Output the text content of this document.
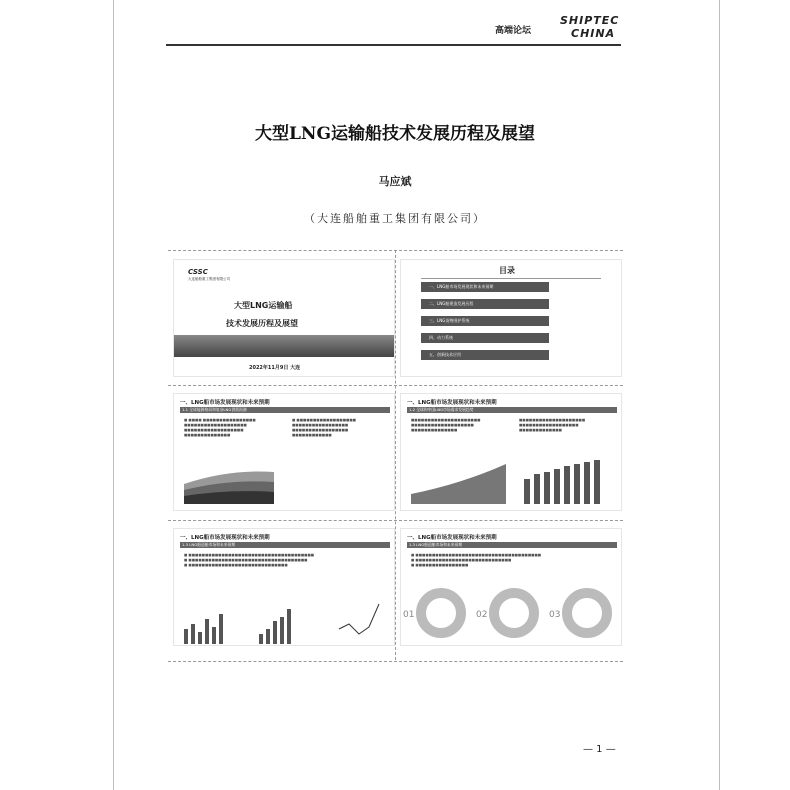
高端论坛
SHIPTEC
CHINA
大型LNG运输船技术发展历程及展望
马应斌
（大连船舶重工集团有限公司）
CSSC
大连船舶重工集团有限公司
大型LNG运输船
技术发展历程及展望
2022年11月9日 大连
目录
一、LNG船市场发展现状和未来预期
二、LNG船建造发展历程
三、LNG货物围护系统
四、动力系统
五、创新技术应用
一、LNG船市场发展现状和未来预期
1.1 全球能源格局和复杂LNG供需预测
■ ■■■■ ■■■■■■■■■■■■■■■■
■■■■■■■■■■■■■■■■■■■
■■■■■■■■■■■■■■■■■■
■■■■■■■■■■■■■■
■ ■■■■■■■■■■■■■■■■■■
■■■■■■■■■■■■■■■■■
■■■■■■■■■■■■■■■■■
■■■■■■■■■■■■
一、LNG船市场发展现状和未来预期
1.2 全球和中国LNG市场需求发展趋势
■■■■■■■■■■■■■■■■■■■■■
■■■■■■■■■■■■■■■■■■■
■■■■■■■■■■■■■■
■■■■■■■■■■■■■■■■■■■■
■■■■■■■■■■■■■■■■■■
■■■■■■■■■■■■■
一、LNG船市场发展现状和未来预期
1.3 LNG船造船市场和未来预期
■ ■■■■■■■■■■■■■■■■■■■■■■■■■■■■■■■■■■■■■■
■ ■■■■■■■■■■■■■■■■■■■■■■■■■■■■■■■■■■■■
■ ■■■■■■■■■■■■■■■■■■■■■■■■■■■■■■
一、LNG船市场发展现状和未来预期
1.3 LNG船造船市场和未来预期
■ ■■■■■■■■■■■■■■■■■■■■■■■■■■■■■■■■■■■■■■
■ ■■■■■■■■■■■■■■■■■■■■■■■■■■■■■
■ ■■■■■■■■■■■■■■■■
01	02	03
— 1 —
